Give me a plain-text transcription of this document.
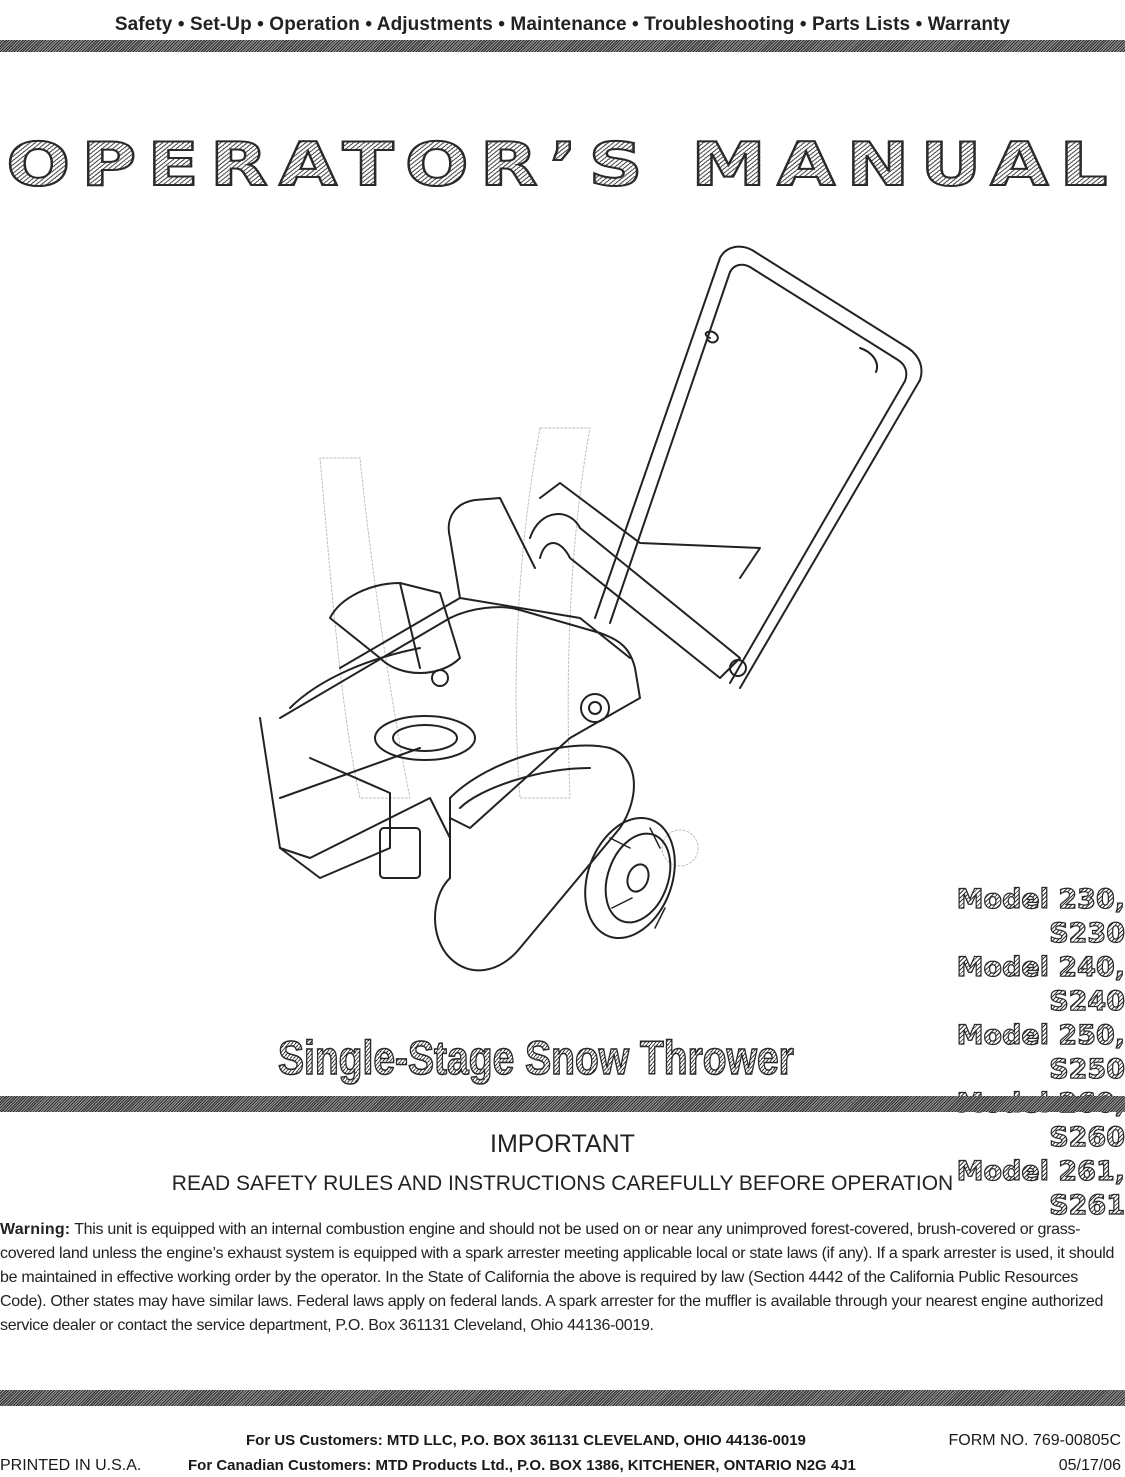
Safety • Set-Up • Operation • Adjustments • Maintenance • Troubleshooting • Parts Lists • Warranty
OPERATOR’S MANUAL
Model 230, S230
Model 240, S240
Model 250, S250
S260
Model 261, S261
Single-Stage Snow Thrower
IMPORTANT
READ SAFETY RULES AND INSTRUCTIONS CAREFULLY BEFORE OPERATION
Warning: This unit is equipped with an internal combustion engine and should not be used on or near any unimproved forest-covered, brush-covered or grass-covered land unless the engine’s exhaust system is equipped with a spark arrester meeting applicable local or state laws (if any). If a spark arrester is used, it should be maintained in effective working order by the operator. In the State of California the above is required by law (Section 4442 of the California Public Resources Code). Other states may have similar laws. Federal laws apply on federal lands. A spark arrester for the muffler is available through your nearest engine authorized service dealer or contact the service department, P.O. Box 361131 Cleveland, Ohio 44136-0019.
For US Customers: MTD LLC, P.O. BOX 361131 CLEVELAND, OHIO 44136-0019	FORM NO. 769-00805C
PRINTED IN U.S.A.	For Canadian Customers: MTD Products Ltd., P.O. BOX 1386, KITCHENER, ONTARIO N2G 4J1	05/17/06
